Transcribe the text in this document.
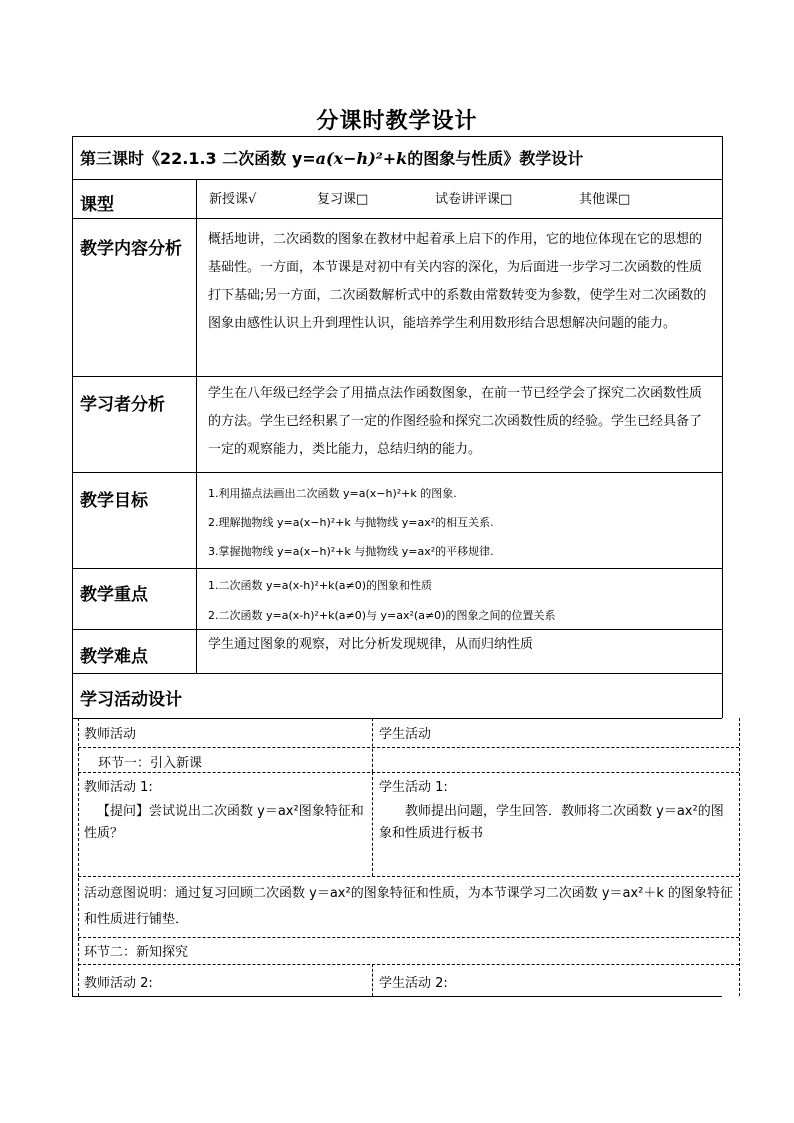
分课时教学设计
第三课时《22.1.3 二次函数 y=a(x−h)²+k的图象与性质》教学设计
课型	新授课√	复习课□	试卷讲评课□	其他课□
教学内容分析 概括地讲，二次函数的图象在教材中起着承上启下的作用，它的地位体现在它的思想的基础性。一方面，本节课是对初中有关内容的深化，为后面进一步学习二次函数的性质打下基础;另一方面，二次函数解析式中的系数由常数转变为参数，使学生对二次函数的图象由感性认识上升到理性认识，能培养学生利用数形结合思想解决问题的能力。
学习者分析
学生在八年级已经学会了用描点法作函数图象，在前一节已经学会了探究二次函数性质的方法。学生已经积累了一定的作图经验和探究二次函数性质的经验。学生已经具备了一定的观察能力，类比能力，总结归纳的能力。
教学目标	1.利用描点法画出二次函数 y=a(x−h)²+k 的图象.
2.理解抛物线 y=a(x−h)²+k 与抛物线 y=ax²的相互关系.
3.掌握抛物线 y=a(x−h)²+k 与抛物线 y=ax²的平移规律.
教学重点	1.二次函数 y=a(x-h)²+k(a≠0)的图象和性质
2.二次函数 y=a(x-h)²+k(a≠0)与 y=ax²(a≠0)的图象之间的位置关系
教学难点
学生通过图象的观察，对比分析发现规律，从而归纳性质
学习活动设计
教师活动	学生活动
环节一：引入新课
教师活动 1:
【提问】尝试说出二次函数 y＝ax²图象特征和性质？
学生活动 1:
教师提出问题，学生回答．教师将二次函数 y＝ax²的图象和性质进行板书
活动意图说明：通过复习回顾二次函数 y＝ax²的图象特征和性质，为本节课学习二次函数 y＝ax²＋k 的图象特征和性质进行铺垫．
环节二：新知探究
教师活动 2:	学生活动 2:
